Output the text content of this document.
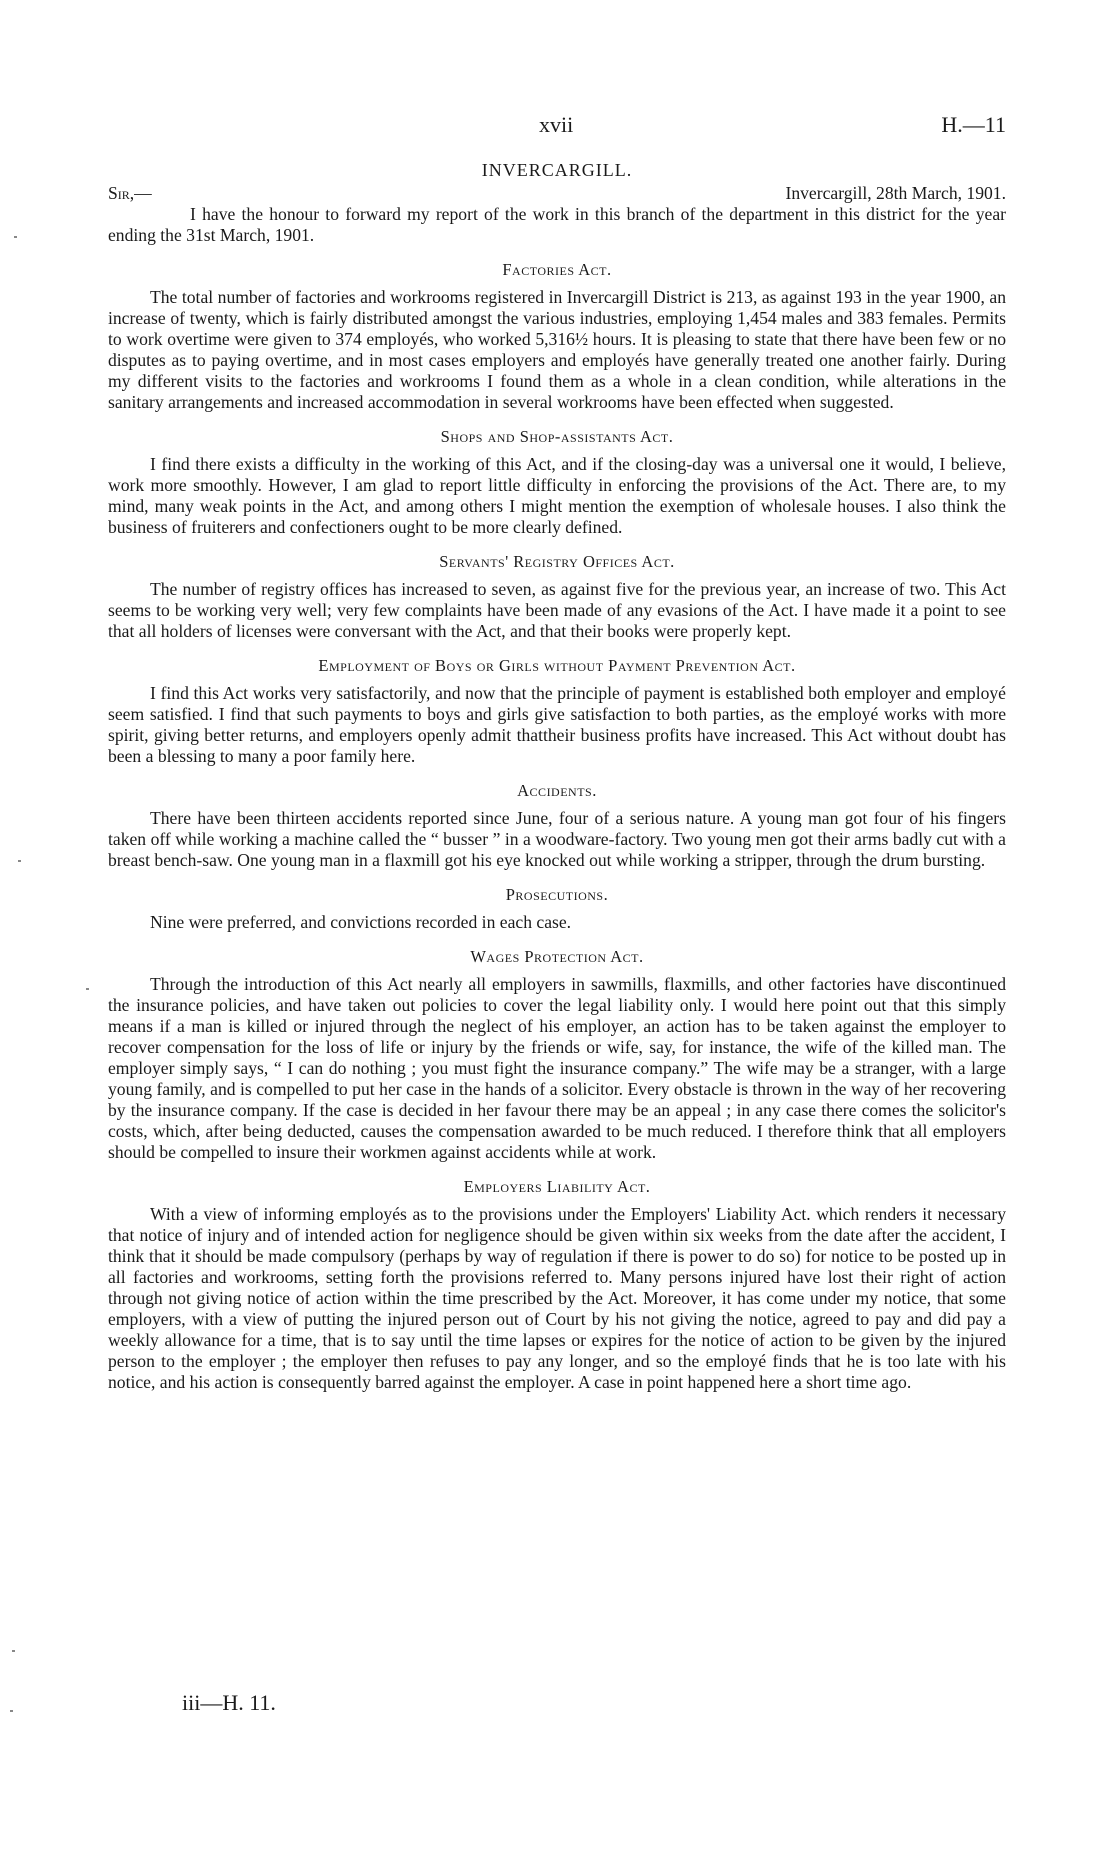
xvii	H.—11
INVERCARGILL.
Sir,—	Invercargill, 28th March, 1901.

I have the honour to forward my report of the work in this branch of the department in this district for the year ending the 31st March, 1901.

Factories Act.

The total number of factories and workrooms registered in Invercargill District is 213, as against 193 in the year 1900, an increase of twenty, which is fairly distributed amongst the various industries, employing 1,454 males and 383 females. Permits to work overtime were given to 374 employés, who worked 5,316½ hours. It is pleasing to state that there have been few or no disputes as to paying overtime, and in most cases employers and employés have generally treated one another fairly. During my different visits to the factories and workrooms I found them as a whole in a clean condition, while alterations in the sanitary arrangements and increased accommodation in several workrooms have been effected when suggested.

Shops and Shop-assistants Act.

I find there exists a difficulty in the working of this Act, and if the closing-day was a universal one it would, I believe, work more smoothly. However, I am glad to report little difficulty in enforcing the provisions of the Act. There are, to my mind, many weak points in the Act, and among others I might mention the exemption of wholesale houses. I also think the business of fruiterers and confectioners ought to be more clearly defined.

Servants' Registry Offices Act.

The number of registry offices has increased to seven, as against five for the previous year, an increase of two. This Act seems to be working very well; very few complaints have been made of any evasions of the Act. I have made it a point to see that all holders of licenses were conversant with the Act, and that their books were properly kept.

Employment of Boys or Girls without Payment Prevention Act.

I find this Act works very satisfactorily, and now that the principle of payment is established both employer and employé seem satisfied. I find that such payments to boys and girls give satisfaction to both parties, as the employé works with more spirit, giving better returns, and employers openly admit thattheir business profits have increased. This Act without doubt has been a blessing to many a poor family here.

Accidents.

There have been thirteen accidents reported since June, four of a serious nature. A young man got four of his fingers taken off while working a machine called the “ busser ” in a woodware-factory. Two young men got their arms badly cut with a breast bench-saw. One young man in a flaxmill got his eye knocked out while working a stripper, through the drum bursting.

Prosecutions.

Nine were preferred, and convictions recorded in each case.

Wages Protection Act.

Through the introduction of this Act nearly all employers in sawmills, flaxmills, and other factories have discontinued the insurance policies, and have taken out policies to cover the legal liability only. I would here point out that this simply means if a man is killed or injured through the neglect of his employer, an action has to be taken against the employer to recover compensation for the loss of life or injury by the friends or wife, say, for instance, the wife of the killed man. The employer simply says, “ I can do nothing ; you must fight the insurance company.” The wife may be a stranger, with a large young family, and is compelled to put her case in the hands of a solicitor. Every obstacle is thrown in the way of her recovering by the insurance company. If the case is decided in her favour there may be an appeal ; in any case there comes the solicitor's costs, which, after being deducted, causes the compensation awarded to be much reduced. I therefore think that all employers should be compelled to insure their workmen against accidents while at work.

Employers Liability Act.

With a view of informing employés as to the provisions under the Employers' Liability Act. which renders it necessary that notice of injury and of intended action for negligence should be given within six weeks from the date after the accident, I think that it should be made compulsory (perhaps by way of regulation if there is power to do so) for notice to be posted up in all factories and workrooms, setting forth the provisions referred to. Many persons injured have lost their right of action through not giving notice of action within the time prescribed by the Act. Moreover, it has come under my notice, that some employers, with a view of putting the injured person out of Court by his not giving the notice, agreed to pay and did pay a weekly allowance for a time, that is to say until the time lapses or expires for the notice of action to be given by the injured person to the employer ; the employer then refuses to pay any longer, and so the employé finds that he is too late with his notice, and his action is consequently barred against the employer. A case in point happened here a short time ago.

iii—H. 11.
